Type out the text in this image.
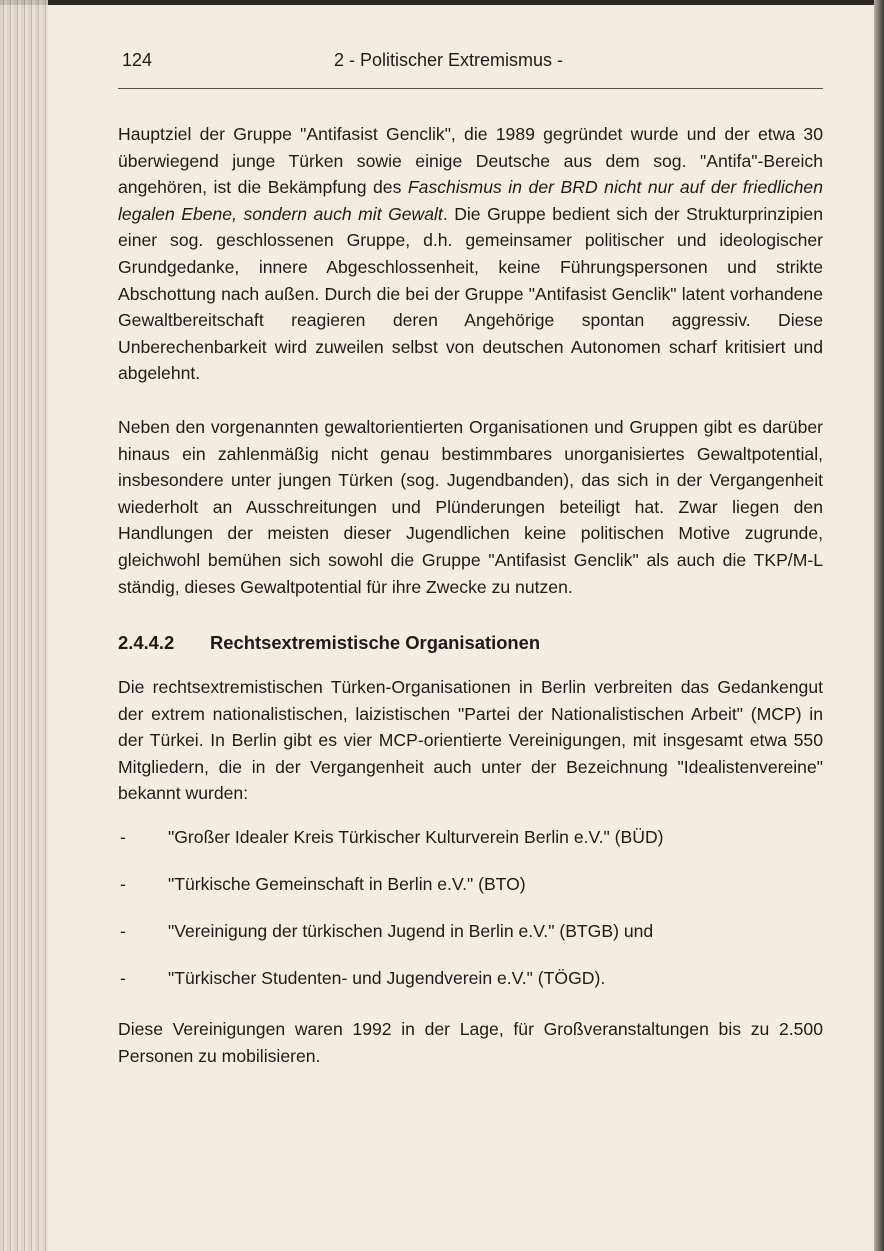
124	2 - Politischer Extremismus -

Hauptziel der Gruppe "Antifasist Genclik", die 1989 gegründet wurde und der etwa 30 überwiegend junge Türken sowie einige Deutsche aus dem sog. "Antifa"-Bereich angehören, ist die Bekämpfung des Faschismus in der BRD nicht nur auf der friedlichen legalen Ebene, sondern auch mit Gewalt. Die Gruppe bedient sich der Strukturprinzipien einer sog. geschlossenen Gruppe, d.h. gemeinsamer politischer und ideologischer Grundgedanke, innere Abgeschlossenheit, keine Führungspersonen und strikte Abschottung nach außen. Durch die bei der Gruppe "Antifasist Genclik" latent vorhandene Gewaltbereitschaft reagieren deren Angehörige spontan aggressiv. Diese Unberechenbarkeit wird zuweilen selbst von deutschen Autonomen scharf kritisiert und abgelehnt.

Neben den vorgenannten gewaltorientierten Organisationen und Gruppen gibt es darüber hinaus ein zahlenmäßig nicht genau bestimmbares unorganisiertes Gewaltpotential, insbesondere unter jungen Türken (sog. Jugendbanden), das sich in der Vergangenheit wiederholt an Ausschreitungen und Plünderungen beteiligt hat. Zwar liegen den Handlungen der meisten dieser Jugendlichen keine politischen Motive zugrunde, gleichwohl bemühen sich sowohl die Gruppe "Antifasist Genclik" als auch die TKP/M-L ständig, dieses Gewaltpotential für ihre Zwecke zu nutzen.

2.4.4.2	Rechtsextremistische Organisationen

Die rechtsextremistischen Türken-Organisationen in Berlin verbreiten das Gedankengut der extrem nationalistischen, laizistischen "Partei der Nationalistischen Arbeit" (MCP) in der Türkei. In Berlin gibt es vier MCP-orientierte Vereinigungen, mit insgesamt etwa 550 Mitgliedern, die in der Vergangenheit auch unter der Bezeichnung "Idealistenvereine" bekannt wurden:

-	"Großer Idealer Kreis Türkischer Kulturverein Berlin e.V." (BÜD)
-	"Türkische Gemeinschaft in Berlin e.V." (BTO)
-	"Vereinigung der türkischen Jugend in Berlin e.V." (BTGB) und
-	"Türkischer Studenten- und Jugendverein e.V." (TÖGD).

Diese Vereinigungen waren 1992 in der Lage, für Großveranstaltungen bis zu 2.500 Personen zu mobilisieren.
